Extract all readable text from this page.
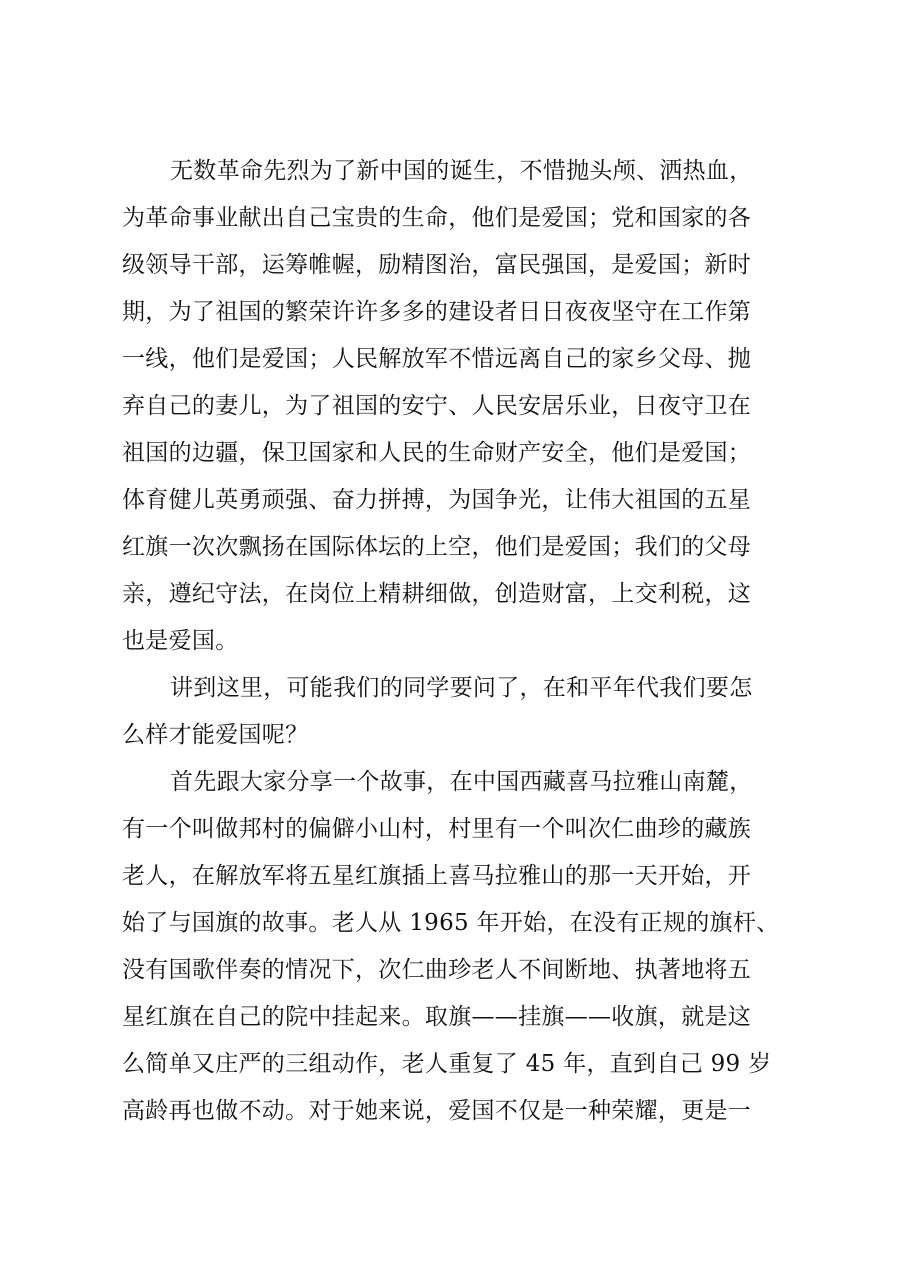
无数革命先烈为了新中国的诞生，不惜抛头颅、洒热血，
为革命事业献出自己宝贵的生命，他们是爱国；党和国家的各
级领导干部，运筹帷幄，励精图治，富民强国，是爱国；新时
期，为了祖国的繁荣许许多多的建设者日日夜夜坚守在工作第
一线，他们是爱国；人民解放军不惜远离自己的家乡父母、抛
弃自己的妻儿，为了祖国的安宁、人民安居乐业，日夜守卫在
祖国的边疆，保卫国家和人民的生命财产安全，他们是爱国；
体育健儿英勇顽强、奋力拼搏，为国争光，让伟大祖国的五星
红旗一次次飘扬在国际体坛的上空，他们是爱国；我们的父母
亲，遵纪守法，在岗位上精耕细做，创造财富，上交利税，这
也是爱国。
讲到这里，可能我们的同学要问了，在和平年代我们要怎
么样才能爱国呢？
首先跟大家分享一个故事，在中国西藏喜马拉雅山南麓，
有一个叫做邦村的偏僻小山村，村里有一个叫次仁曲珍的藏族
老人，在解放军将五星红旗插上喜马拉雅山的那一天开始，开
始了与国旗的故事。老人从 1965 年开始，在没有正规的旗杆、
没有国歌伴奏的情况下，次仁曲珍老人不间断地、执著地将五
星红旗在自己的院中挂起来。取旗——挂旗——收旗，就是这
么简单又庄严的三组动作，老人重复了 45 年，直到自己 99 岁
高龄再也做不动。对于她来说，爱国不仅是一种荣耀，更是一
